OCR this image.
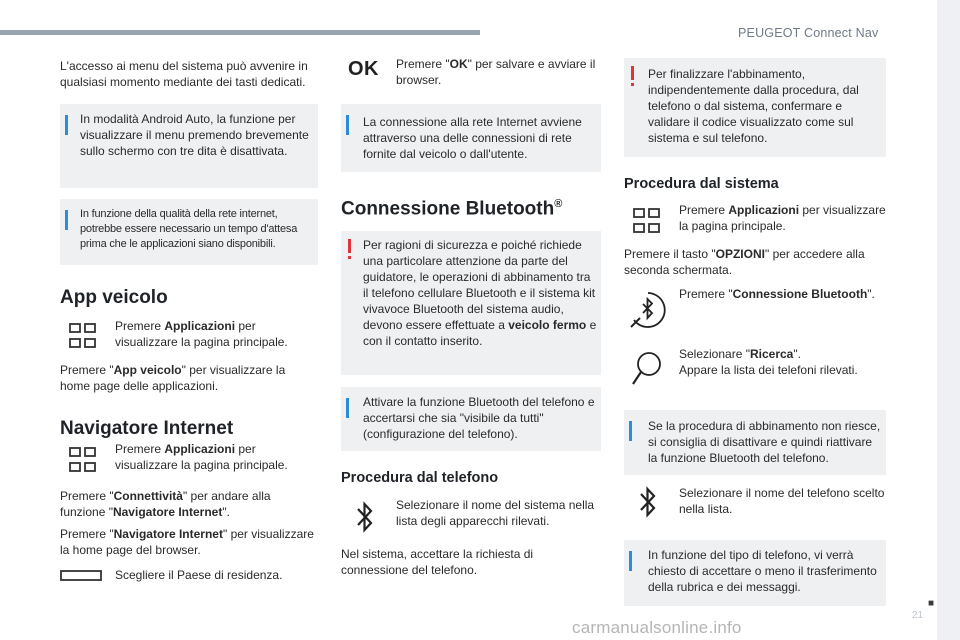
PEUGEOT Connect Nav
■
21
carmanualsonline.info

L'accesso ai menu del sistema può avvenire in qualsiasi momento mediante dei tasti dedicati.

In modalità Android Auto, la funzione per visualizzare il menu premendo brevemente sullo schermo con tre dita è disattivata.
In funzione della qualità della rete internet, potrebbe essere necessario un tempo d'attesa prima che le applicazioni siano disponibili.
App veicolo

Premere Applicazioni per visualizzare la pagina principale.

Premere "App veicolo" per visualizzare la home page delle applicazioni.

Navigatore Internet

Premere Applicazioni per visualizzare la pagina principale.

Premere "Connettività" per andare alla funzione "Navigatore Internet".

Premere "Navigatore Internet" per visualizzare la home page del browser.

Scegliere il Paese di residenza.

OK Premere "OK" per salvare e avviare il browser.

La connessione alla rete Internet avviene attraverso una delle connessioni di rete fornite dal veicolo o dall'utente.
Connessione Bluetooth®
Per ragioni di sicurezza e poiché richiede una particolare attenzione da parte del guidatore, le operazioni di abbinamento tra il telefono cellulare Bluetooth e il sistema kit vivavoce Bluetooth del sistema audio, devono essere effettuate a veicolo fermo e con il contatto inserito.
Attivare la funzione Bluetooth del telefono e accertarsi che sia "visibile da tutti" (configurazione del telefono).
Procedura dal telefono

Selezionare il nome del sistema nella lista degli apparecchi rilevati.

Nel sistema, accettare la richiesta di connessione del telefono.

Per finalizzare l'abbinamento, indipendentemente dalla procedura, dal telefono o dal sistema, confermare e validare il codice visualizzato come sul sistema e sul telefono.
Procedura dal sistema

Premere Applicazioni per visualizzare la pagina principale.

Premere il tasto "OPZIONI" per accedere alla seconda schermata.

Premere "Connessione Bluetooth".

Selezionare "Ricerca".
Appare la lista dei telefoni rilevati.

Se la procedura di abbinamento non riesce, si consiglia di disattivare e quindi riattivare la funzione Bluetooth del telefono.

Selezionare il nome del telefono scelto nella lista.

In funzione del tipo di telefono, vi verrà chiesto di accettare o meno il trasferimento della rubrica e dei messaggi.
